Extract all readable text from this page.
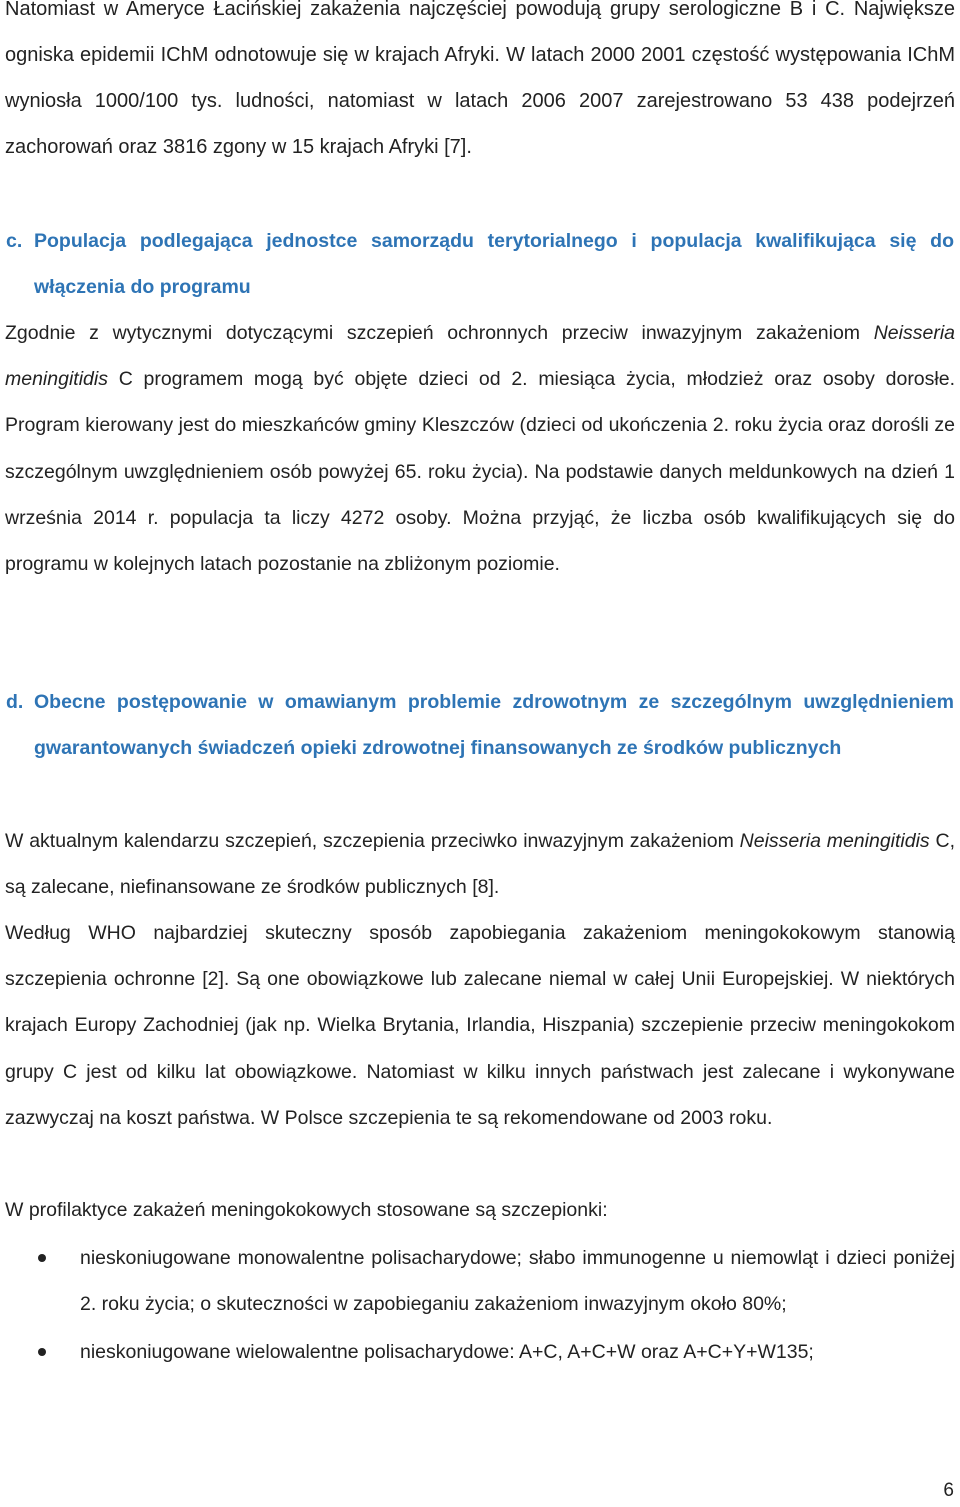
Natomiast w Ameryce Łacińskiej zakażenia najczęściej powodują grupy serologiczne B i C. Największe ogniska epidemii IChM odnotowuje się w krajach Afryki. W latach 2000 2001 częstość występowania IChM wyniosła 1000/100 tys. ludności, natomiast w latach 2006 2007 zarejestrowano 53 438 podejrzeń zachorowań oraz 3816 zgony w 15 krajach Afryki [7].

c. Populacja podlegająca jednostce samorządu terytorialnego i populacja kwalifikująca się do włączenia do programu

Zgodnie z wytycznymi dotyczącymi szczepień ochronnych przeciw inwazyjnym zakażeniom Neisseria meningitidis C programem mogą być objęte dzieci od 2. miesiąca życia, młodzież oraz osoby dorosłe. Program kierowany jest do mieszkańców gminy Kleszczów (dzieci od ukończenia 2. roku życia oraz dorośli ze szczególnym uwzględnieniem osób powyżej 65. roku życia). Na podstawie danych meldunkowych na dzień 1 września 2014 r. populacja ta liczy 4272 osoby. Można przyjąć, że liczba osób kwalifikujących się do programu w kolejnych latach pozostanie na zbliżonym poziomie.

d. Obecne postępowanie w omawianym problemie zdrowotnym ze szczególnym uwzględnieniem gwarantowanych świadczeń opieki zdrowotnej finansowanych ze środków publicznych

W aktualnym kalendarzu szczepień, szczepienia przeciwko inwazyjnym zakażeniom Neisseria meningitidis C, są zalecane, niefinansowane ze środków publicznych [8].

Według WHO najbardziej skuteczny sposób zapobiegania zakażeniom meningokokowym stanowią szczepienia ochronne [2]. Są one obowiązkowe lub zalecane niemal w całej Unii Europejskiej. W niektórych krajach Europy Zachodniej (jak np. Wielka Brytania, Irlandia, Hiszpania) szczepienie przeciw meningokokom grupy C jest od kilku lat obowiązkowe. Natomiast w kilku innych państwach jest zalecane i wykonywane zazwyczaj na koszt państwa. W Polsce szczepienia te są rekomendowane od 2003 roku.

W profilaktyce zakażeń meningokokowych stosowane są szczepionki:

nieskoniugowane monowalentne polisacharydowe; słabo immunogenne u niemowląt i dzieci poniżej 2. roku życia; o skuteczności w zapobieganiu zakażeniom inwazyjnym około 80%;
nieskoniugowane wielowalentne polisacharydowe: A+C, A+C+W oraz A+C+Y+W135;
6
